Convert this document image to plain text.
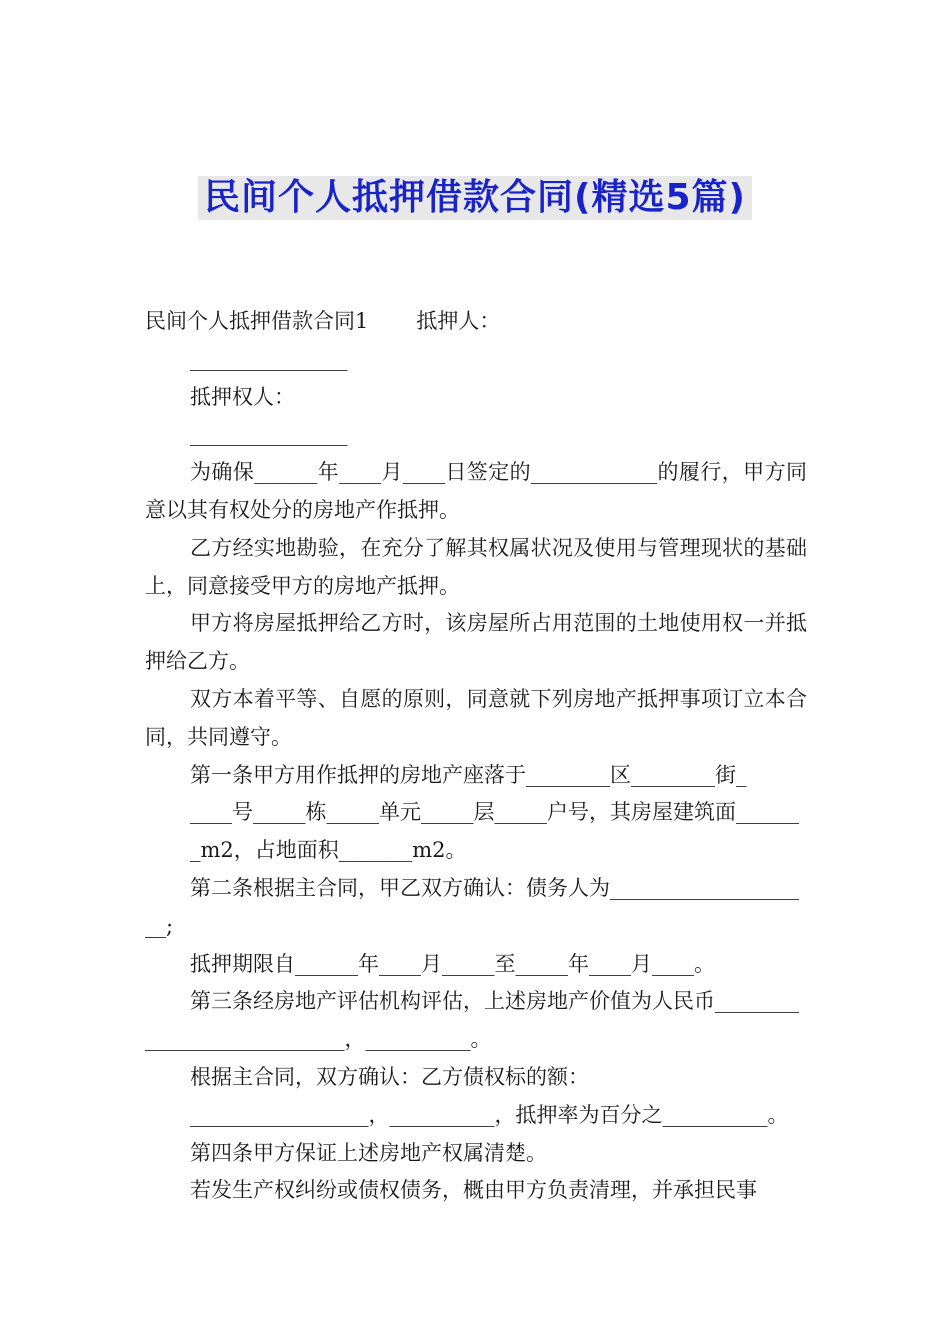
民间个人抵押借款合同(精选5篇)

民间个人抵押借款合同1 抵押人：

_______________

抵押权人：

_______________

为确保______年____月____日签定的____________的履行，甲方同意以其有权处分的房地产作抵押。

乙方经实地勘验，在充分了解其权属状况及使用与管理现状的基础上，同意接受甲方的房地产抵押。

甲方将房屋抵押给乙方时，该房屋所占用范围的土地使用权一并抵押给乙方。

双方本着平等、自愿的原则，同意就下列房地产抵押事项订立本合同，共同遵守。

第一条甲方用作抵押的房地产座落于________区________街_

____号_____栋_____单元_____层_____户号，其房屋建筑面_______m2，占地面积_______m2。

第二条根据主合同，甲乙双方确认：债务人为____________________;

抵押期限自______年____月_____至_____年____月____。

第三条经房地产评估机构评估，上述房地产价值为人民币___________________________，__________。

根据主合同，双方确认：乙方债权标的额：

_________________，__________，抵押率为百分之__________。

第四条甲方保证上述房地产权属清楚。

若发生产权纠纷或债权债务，概由甲方负责清理，并承担民事
